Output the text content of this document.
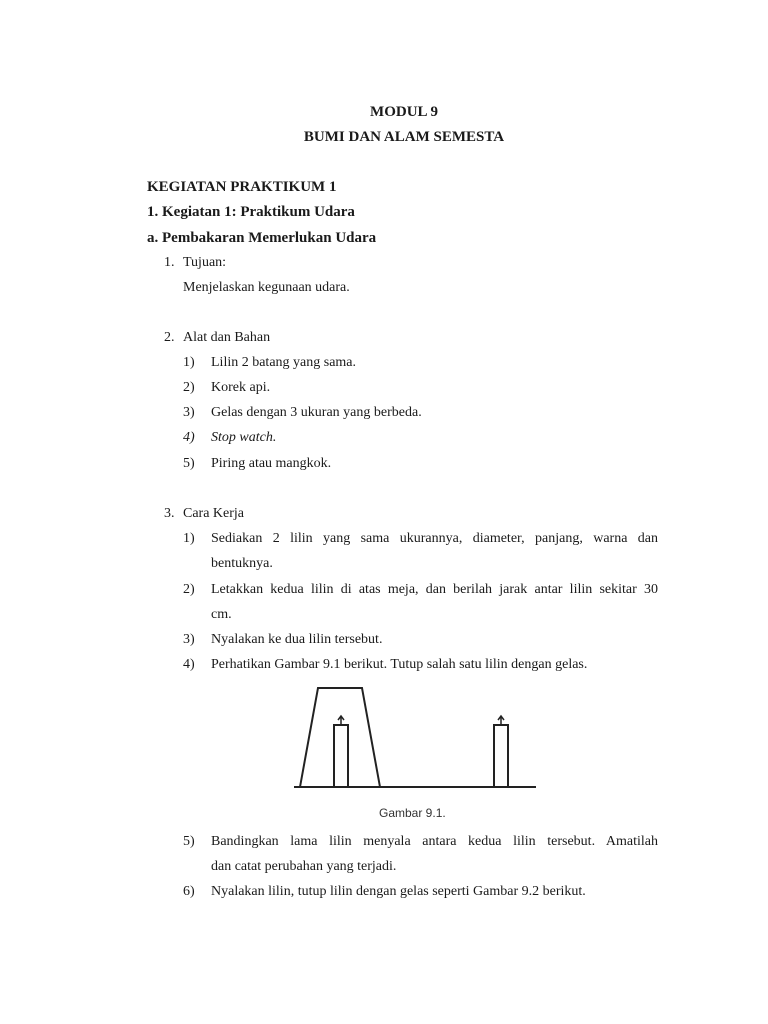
MODUL 9
BUMI DAN ALAM SEMESTA
KEGIATAN PRAKTIKUM 1
1. Kegiatan 1: Praktikum Udara
a. Pembakaran Memerlukan Udara
1. Tujuan:
Menjelaskan kegunaan udara.
2. Alat dan Bahan
1) Lilin 2 batang yang sama.
2) Korek api.
3) Gelas dengan 3 ukuran yang berbeda.
4) Stop watch.
5) Piring atau mangkok.
3. Cara Kerja
1) Sediakan 2 lilin yang sama ukurannya, diameter, panjang, warna dan
bentuknya.
2) Letakkan kedua lilin di atas meja, dan berilah jarak antar lilin sekitar 30
cm.
3) Nyalakan ke dua lilin tersebut.
4) Perhatikan Gambar 9.1 berikut. Tutup salah satu lilin dengan gelas.
Gambar 9.1.
5) Bandingkan lama lilin menyala antara kedua lilin tersebut. Amatilah
dan catat perubahan yang terjadi.
6) Nyalakan lilin, tutup lilin dengan gelas seperti Gambar 9.2 berikut.
